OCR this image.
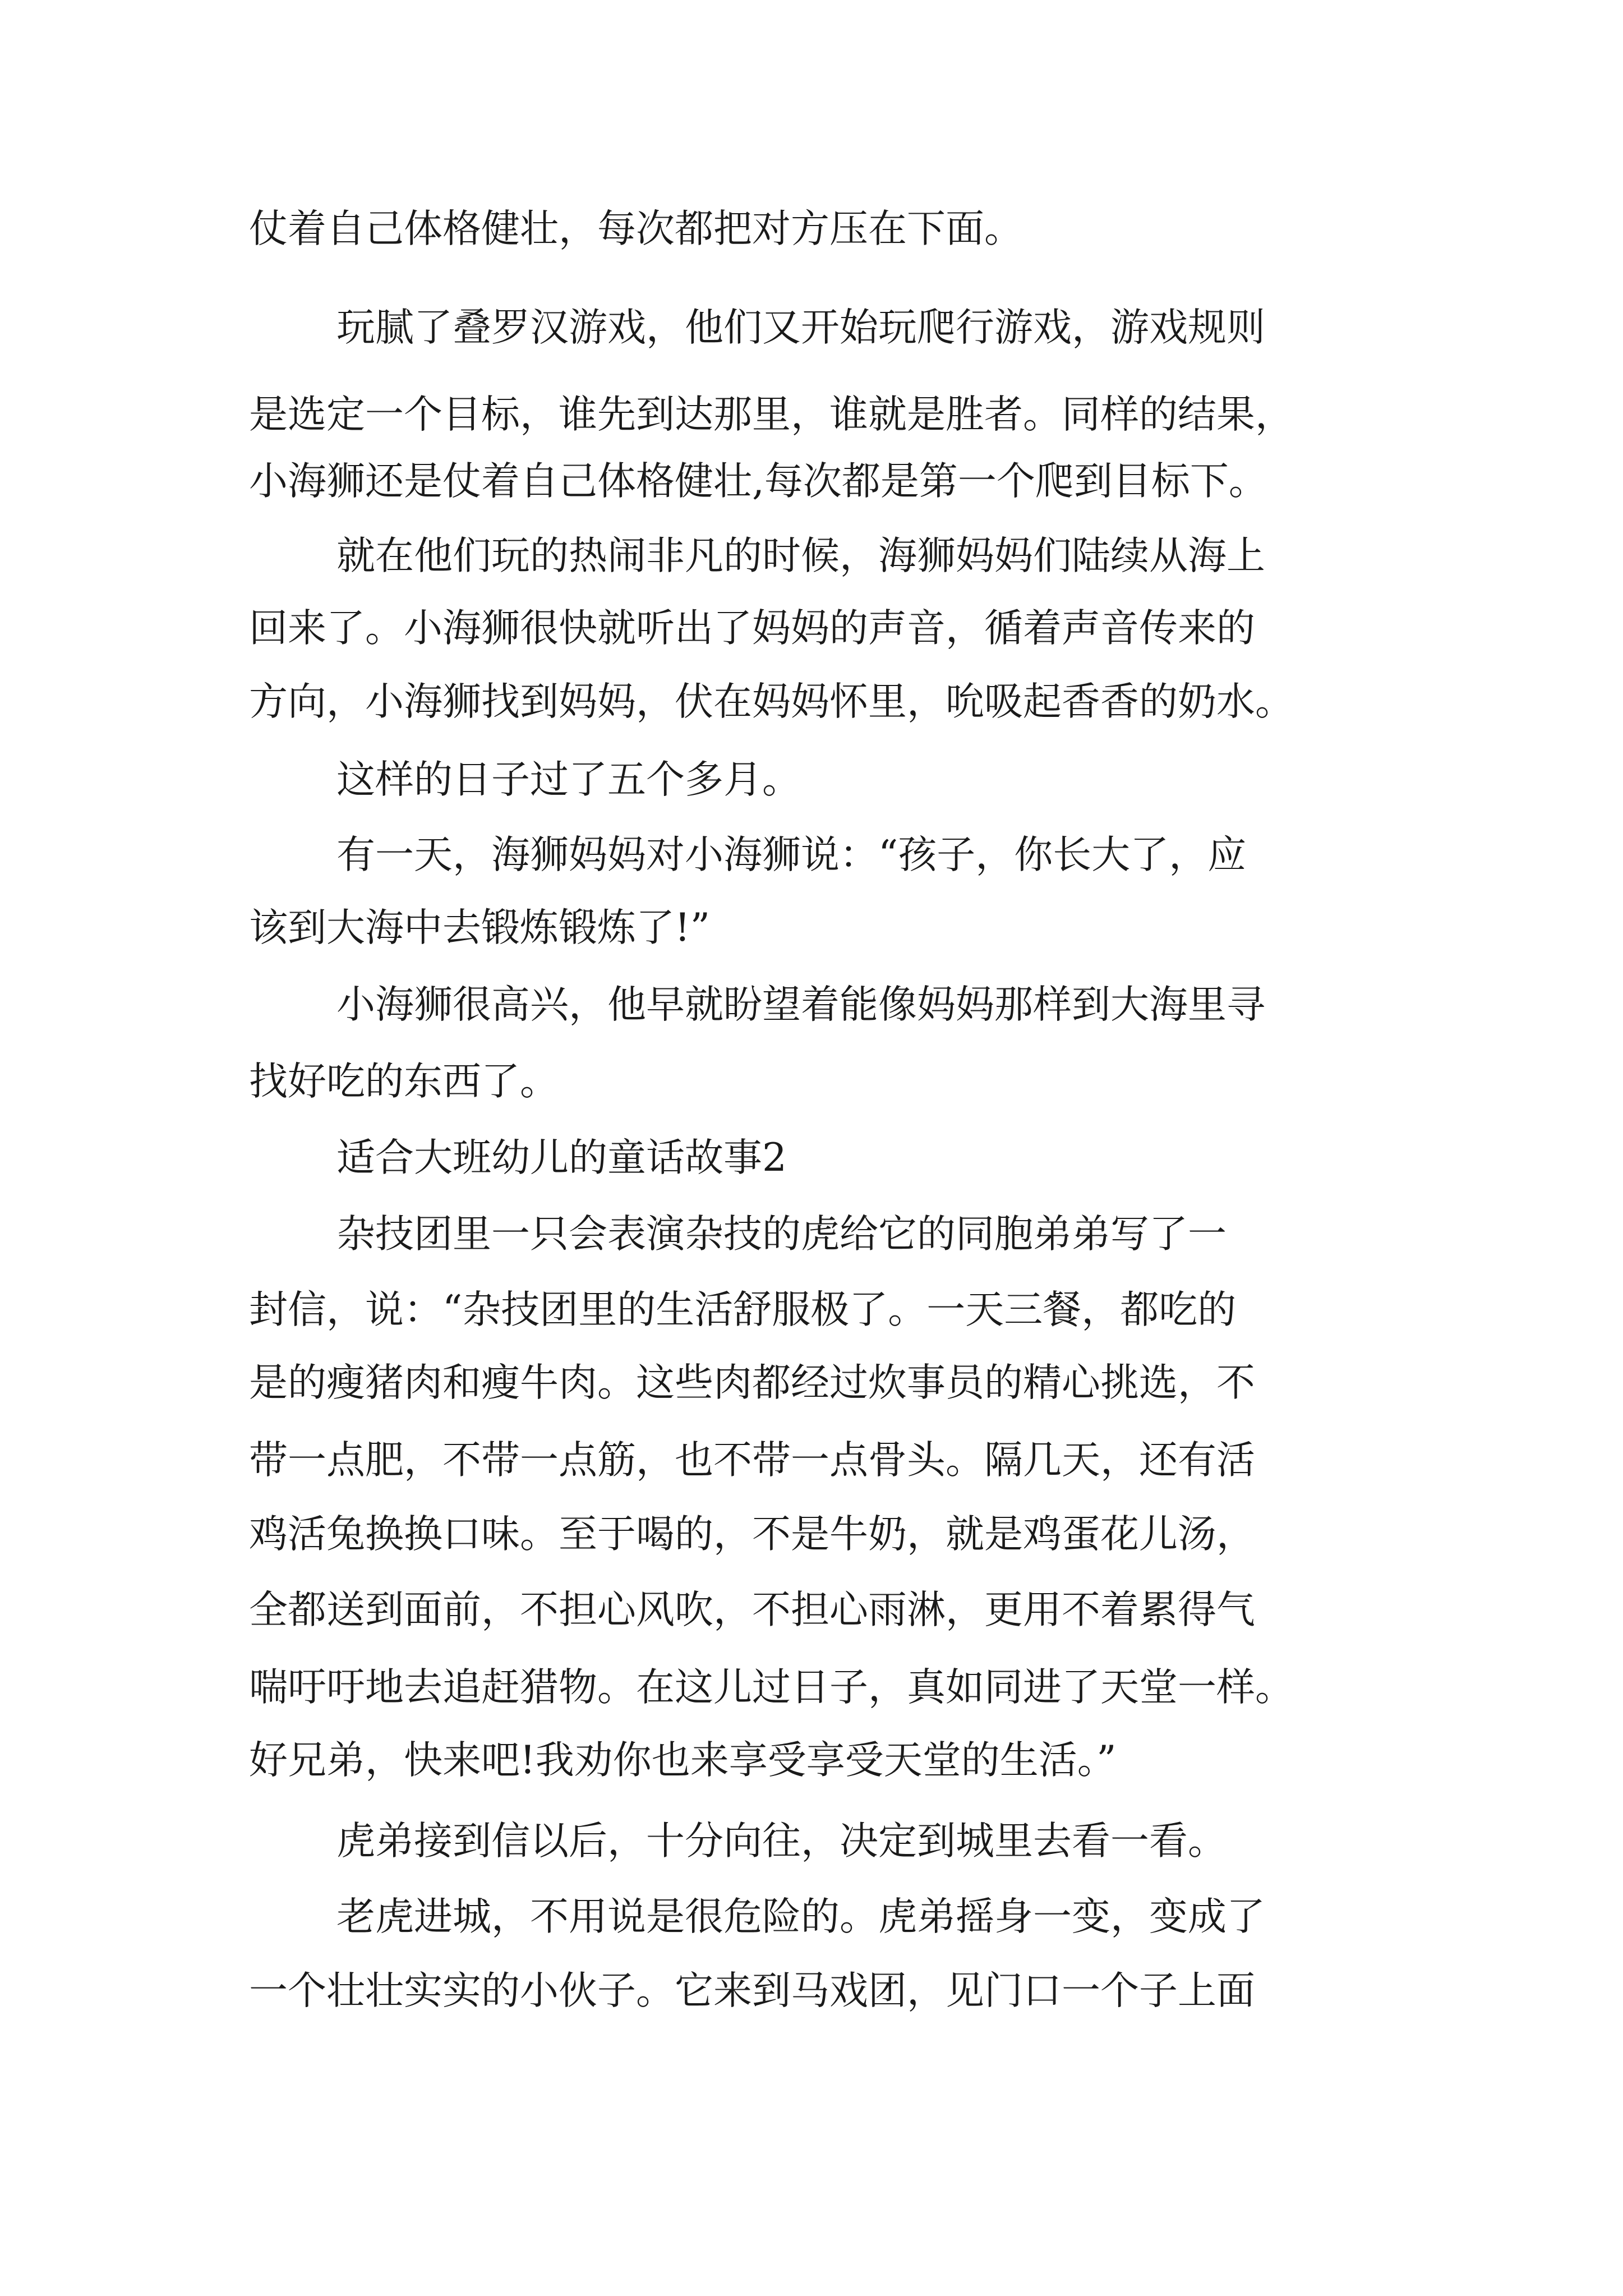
仗着自己体格健壮，每次都把对方压在下面。

玩腻了叠罗汉游戏，他们又开始玩爬行游戏，游戏规则

是选定一个目标，谁先到达那里，谁就是胜者。同样的结果，

小海狮还是仗着自己体格健壮,每次都是第一个爬到目标下。

就在他们玩的热闹非凡的时候，海狮妈妈们陆续从海上

回来了。小海狮很快就听出了妈妈的声音，循着声音传来的

方向，小海狮找到妈妈，伏在妈妈怀里，吮吸起香香的奶水。

这样的日子过了五个多月。

有一天，海狮妈妈对小海狮说：“孩子，你长大了，应

该到大海中去锻炼锻炼了!”

小海狮很高兴，他早就盼望着能像妈妈那样到大海里寻

找好吃的东西了。

适合大班幼儿的童话故事2

杂技团里一只会表演杂技的虎给它的同胞弟弟写了一

封信，说：“杂技团里的生活舒服极了。一天三餐，都吃的

是的瘦猪肉和瘦牛肉。这些肉都经过炊事员的精心挑选，不

带一点肥，不带一点筋，也不带一点骨头。隔几天，还有活

鸡活兔换换口味。至于喝的，不是牛奶，就是鸡蛋花儿汤，

全都送到面前，不担心风吹，不担心雨淋，更用不着累得气

喘吁吁地去追赶猎物。在这儿过日子，真如同进了天堂一样。

好兄弟，快来吧!我劝你也来享受享受天堂的生活。”

虎弟接到信以后，十分向往，决定到城里去看一看。

老虎进城，不用说是很危险的。虎弟摇身一变，变成了

一个壮壮实实的小伙子。它来到马戏团，见门口一个子上面
